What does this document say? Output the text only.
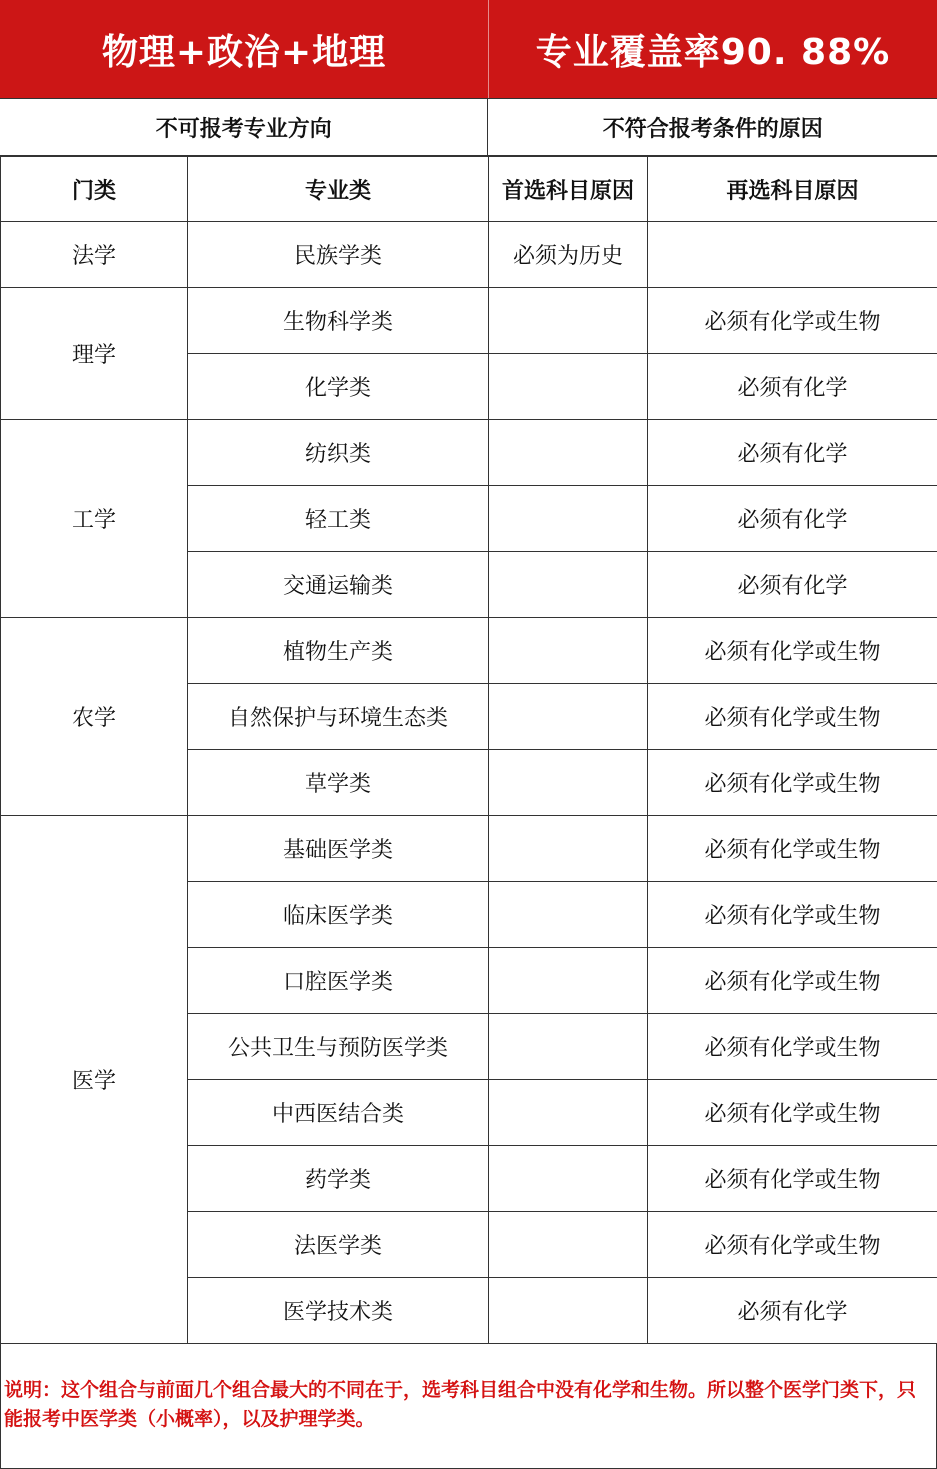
物理+政治+地理	专业覆盖率90. 88%
不可报考专业方向	不符合报考条件的原因
门类	专业类	首选科目原因	再选科目原因
法学	民族学类	必须为历史	
理学	生物科学类		必须有化学或生物
	化学类		必须有化学
工学	纺织类		必须有化学
	轻工类		必须有化学
	交通运输类		必须有化学
农学	植物生产类		必须有化学或生物
	自然保护与环境生态类		必须有化学或生物
	草学类		必须有化学或生物
医学	基础医学类		必须有化学或生物
	临床医学类		必须有化学或生物
	口腔医学类		必须有化学或生物
	公共卫生与预防医学类		必须有化学或生物
	中西医结合类		必须有化学或生物
	药学类		必须有化学或生物
	法医学类		必须有化学或生物
	医学技术类		必须有化学
说明：这个组合与前面几个组合最大的不同在于，选考科目组合中没有化学和生物。所以整个医学门类下，只能报考中医学类（小概率），以及护理学类。
